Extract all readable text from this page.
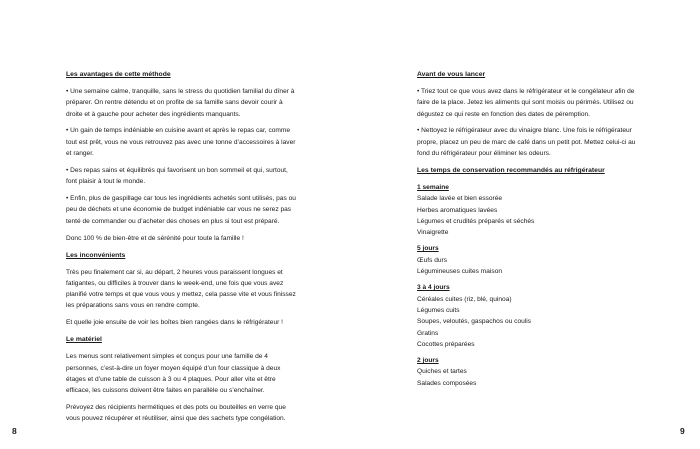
Les avantages de cette méthode

• Une semaine calme, tranquille, sans le stress du quotidien familial du dîner à préparer. On rentre détendu et on profite de sa famille sans devoir courir à droite et à gauche pour acheter des ingrédients manquants.

• Un gain de temps indéniable en cuisine avant et après le repas car, comme tout est prêt, vous ne vous retrouvez pas avec une tonne d’accessoires à laver et ranger.

• Des repas sains et équilibrés qui favorisent un bon sommeil et qui, surtout, font plaisir à tout le monde.

• Enfin, plus de gaspillage car tous les ingrédients achetés sont utilisés, pas ou peu de déchets et une économie de budget indéniable car vous ne serez pas tenté de commander ou d’acheter des choses en plus si tout est préparé.

Donc 100 % de bien-être et de sérénité pour toute la famille !

Les inconvénients

Très peu finalement car si, au départ, 2 heures vous paraissent longues et fatigantes, ou difficiles à trouver dans le week-end, une fois que vous avez planifié votre temps et que vous vous y mettez, cela passe vite et vous finissez les préparations sans vous en rendre compte.

Et quelle joie ensuite de voir les boîtes bien rangées dans le réfrigérateur !

Le matériel

Les menus sont relativement simples et conçus pour une famille de 4 personnes, c’est-à-dire un foyer moyen équipé d’un four classique à deux étages et d’une table de cuisson à 3 ou 4 plaques. Pour aller vite et être efficace, les cuissons doivent être faites en parallèle ou s’enchaîner.

Prévoyez des récipients hermétiques et des pots ou bouteilles en verre que vous pouvez récupérer et réutiliser, ainsi que des sachets type congélation.

8
Avant de vous lancer

• Triez tout ce que vous avez dans le réfrigérateur et le congélateur afin de faire de la place. Jetez les aliments qui sont moisis ou périmés. Utilisez ou dégustez ce qui reste en fonction des dates de péremption.

• Nettoyez le réfrigérateur avec du vinaigre blanc. Une fois le réfrigérateur propre, placez un peu de marc de café dans un petit pot. Mettez celui-ci au fond du réfrigérateur pour éliminer les odeurs.

Les temps de conservation recommandés au réfrigérateur
1 semaine
Salade lavée et bien essorée
Herbes aromatiques lavées
Légumes et crudités préparés et séchés
Vinaigrette
5 jours
Œufs durs
Légumineuses cuites maison
3 à 4 jours
Céréales cuites (riz, blé, quinoa)
Légumes cuits
Soupes, veloutés, gaspachos ou coulis
Gratins
Cocottes préparées
2 jours
Quiches et tartes
Salades composées
9
